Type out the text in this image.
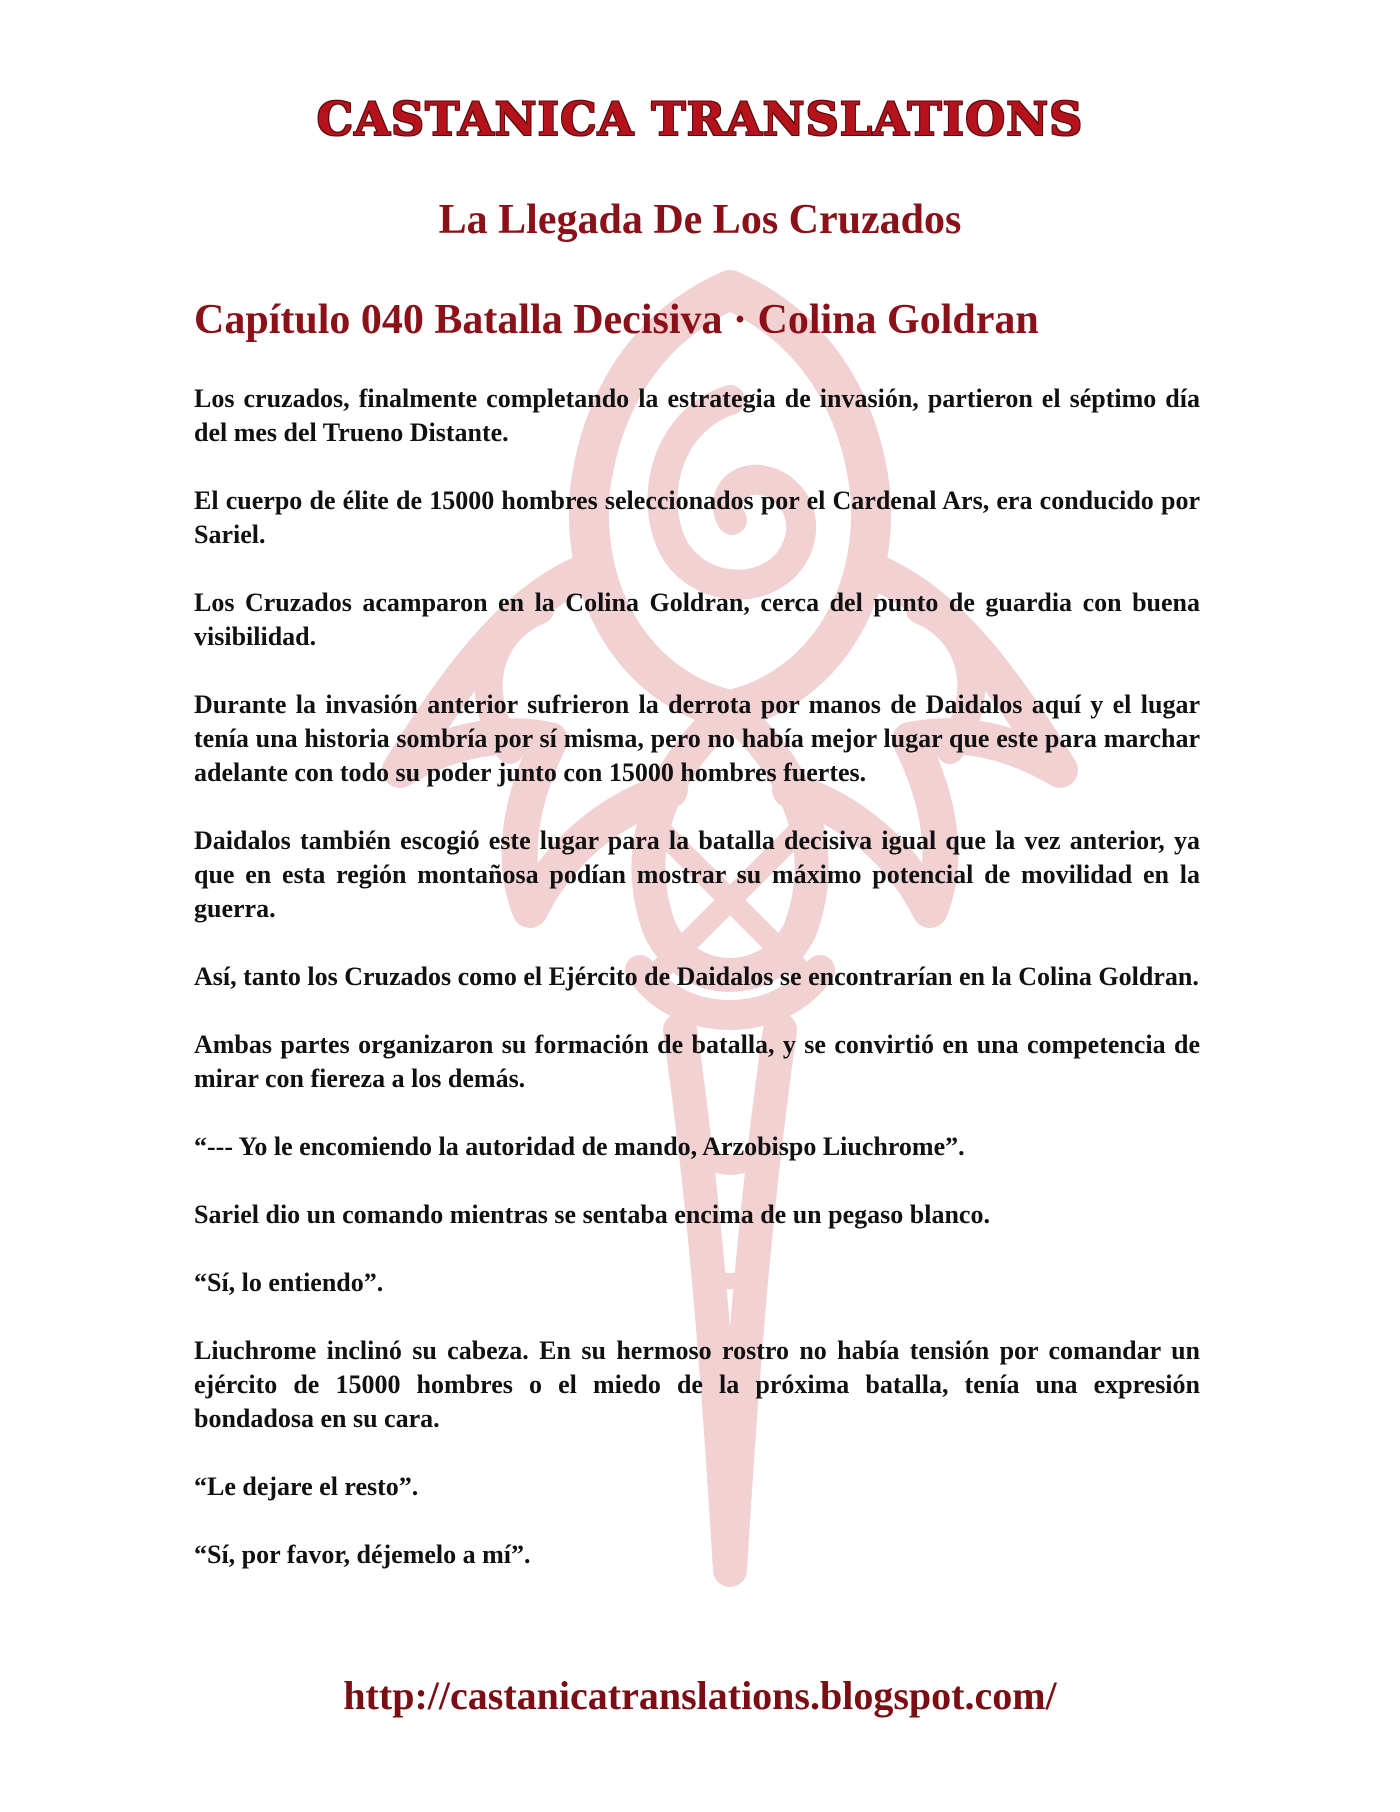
CASTANICA TRANSLATIONS
La Llegada De Los Cruzados
Capítulo 040 Batalla Decisiva · Colina Goldran

Los cruzados, finalmente completando la estrategia de invasión, partieron el séptimo día del mes del Trueno Distante.

El cuerpo de élite de 15000 hombres seleccionados por el Cardenal Ars, era conducido por Sariel.

Los Cruzados acamparon en la Colina Goldran, cerca del punto de guardia con buena visibilidad.

Durante la invasión anterior sufrieron la derrota por manos de Daidalos aquí y el lugar tenía una historia sombría por sí misma, pero no había mejor lugar que este para marchar adelante con todo su poder junto con 15000 hombres fuertes.

Daidalos también escogió este lugar para la batalla decisiva igual que la vez anterior, ya que en esta región montañosa podían mostrar su máximo potencial de movilidad en la guerra.

Así, tanto los Cruzados como el Ejército de Daidalos se encontrarían en la Colina Goldran.

Ambas partes organizaron su formación de batalla, y se convirtió en una competencia de mirar con fiereza a los demás.

“--- Yo le encomiendo la autoridad de mando, Arzobispo Liuchrome”.

Sariel dio un comando mientras se sentaba encima de un pegaso blanco.

“Sí, lo entiendo”.

Liuchrome inclinó su cabeza. En su hermoso rostro no había tensión por comandar un ejército de 15000 hombres o el miedo de la próxima batalla, tenía una expresión bondadosa en su cara.

“Le dejare el resto”.

“Sí, por favor, déjemelo a mí”.

http://castanicatranslations.blogspot.com/
